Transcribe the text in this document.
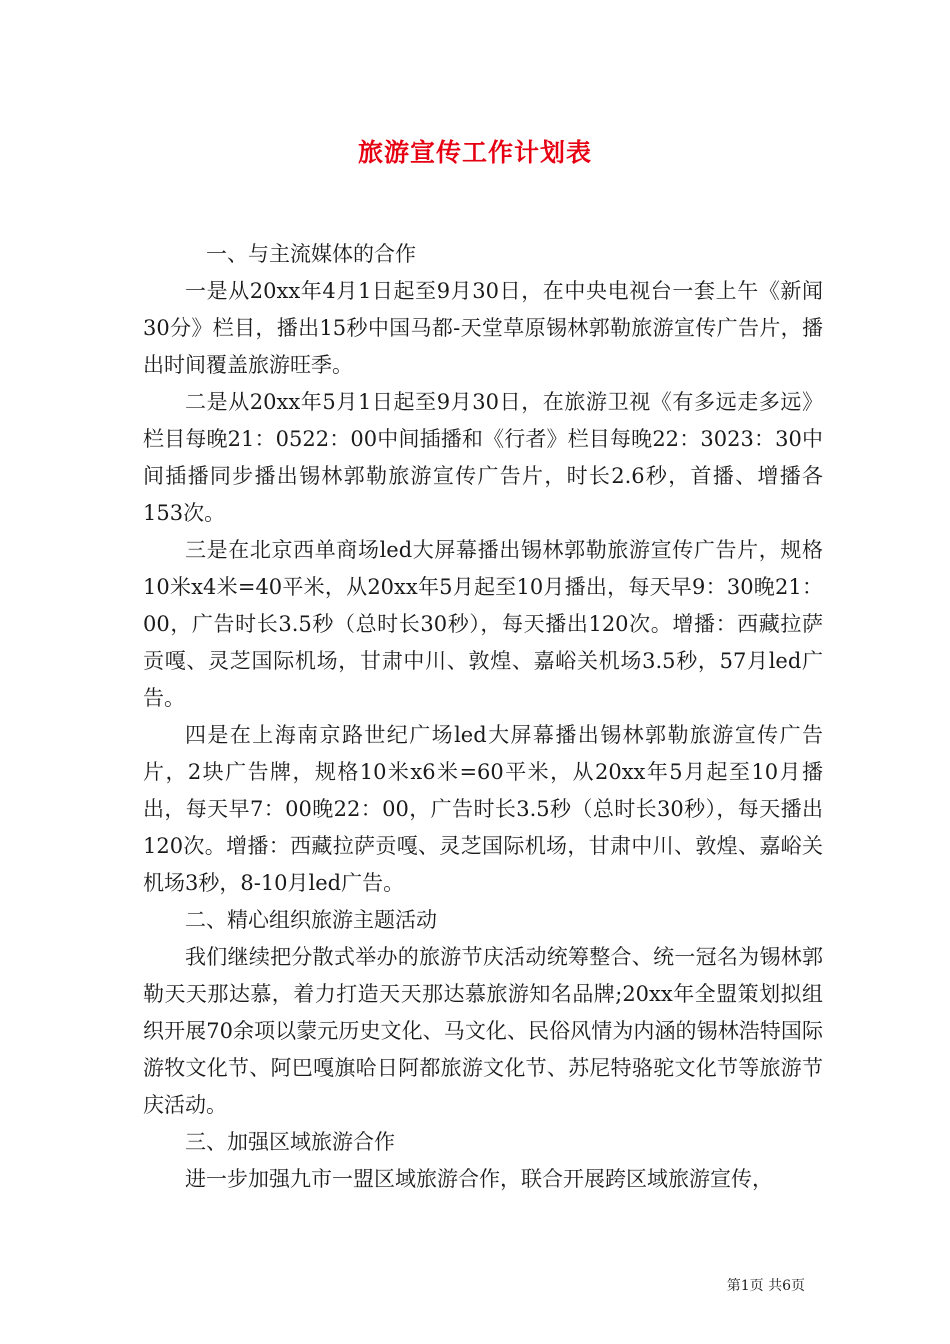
旅游宣传工作计划表

一、与主流媒体的合作

一是从20xx年4月1日起至9月30日，在中央电视台一套上午《新闻30分》栏目，播出15秒中国马都-天堂草原锡林郭勒旅游宣传广告片，播出时间覆盖旅游旺季。

二是从20xx年5月1日起至9月30日，在旅游卫视《有多远走多远》栏目每晚21：0522：00中间插播和《行者》栏目每晚22：3023：30中间插播同步播出锡林郭勒旅游宣传广告片，时长2.6秒，首播、增播各153次。

三是在北京西单商场led大屏幕播出锡林郭勒旅游宣传广告片，规格10米x4米=40平米，从20xx年5月起至10月播出，每天早9：30晚21：00，广告时长3.5秒（总时长30秒），每天播出120次。增播：西藏拉萨贡嘎、灵芝国际机场，甘肃中川、敦煌、嘉峪关机场3.5秒，57月led广告。

四是在上海南京路世纪广场led大屏幕播出锡林郭勒旅游宣传广告片，2块广告牌，规格10米x6米=60平米，从20xx年5月起至10月播出，每天早7：00晚22：00，广告时长3.5秒（总时长30秒），每天播出120次。增播：西藏拉萨贡嘎、灵芝国际机场，甘肃中川、敦煌、嘉峪关机场3秒，8-10月led广告。

二、精心组织旅游主题活动

我们继续把分散式举办的旅游节庆活动统筹整合、统一冠名为锡林郭勒天天那达慕，着力打造天天那达慕旅游知名品牌;20xx年全盟策划拟组织开展70余项以蒙元历史文化、马文化、民俗风情为内涵的锡林浩特国际游牧文化节、阿巴嘎旗哈日阿都旅游文化节、苏尼特骆驼文化节等旅游节庆活动。

三、加强区域旅游合作

进一步加强九市一盟区域旅游合作，联合开展跨区域旅游宣传，

第1页 共6页
